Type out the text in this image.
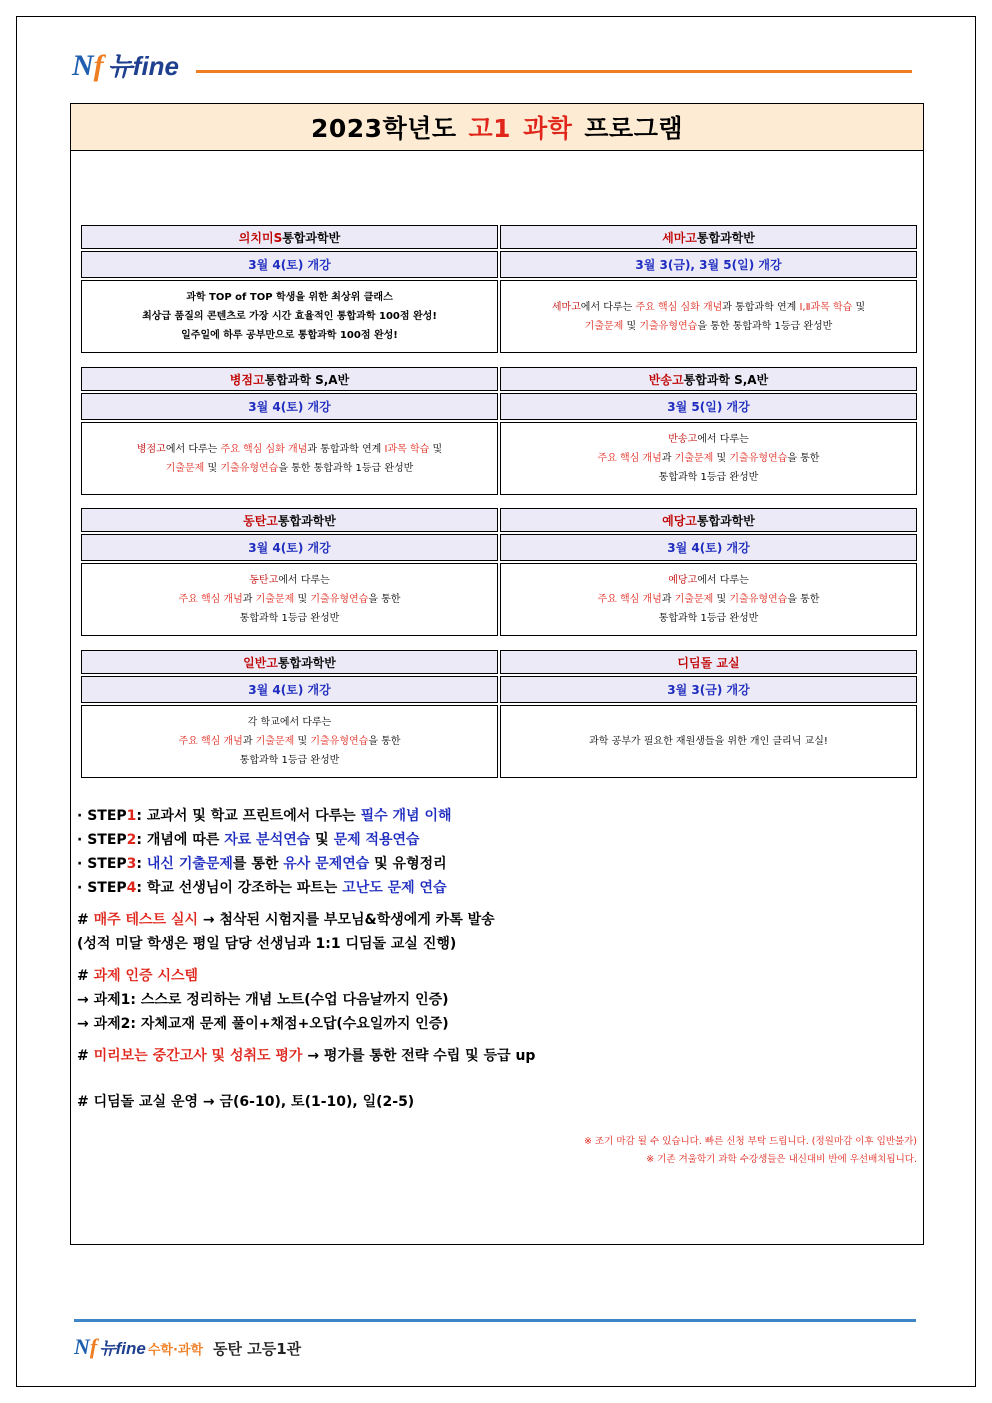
Nf 뉴fine
2023학년도 고1 과학 프로그램
의치미S 통합과학반
3월 4(토) 개강
과학 TOP of TOP 학생을 위한 최상위 클래스
최상급 품질의 콘텐츠로 가장 시간 효율적인 통합과학 100점 완성!
일주일에 하루 공부만으로 통합과학 100점 완성!
세마고 통합과학반
3월 3(금), 3월 5(일) 개강
세마고에서 다루는 주요 핵심 심화 개념과 통합과학 연계 Ⅰ,Ⅱ과목 학습 및
기출문제 및 기출유형연습을 통한 통합과학 1등급 완성반
병점고 통합과학 S,A반
3월 4(토) 개강
병점고에서 다루는 주요 핵심 심화 개념과 통합과학 연계 Ⅰ과목 학습 및
기출문제 및 기출유형연습을 통한 통합과학 1등급 완성반
반송고 통합과학 S,A반
3월 5(일) 개강
반송고에서 다루는
주요 핵심 개념과 기출문제 및 기출유형연습을 통한
통합과학 1등급 완성반
동탄고 통합과학반
3월 4(토) 개강
동탄고에서 다루는
주요 핵심 개념과 기출문제 및 기출유형연습을 통한
통합과학 1등급 완성반
예당고 통합과학반
3월 4(토) 개강
예당고에서 다루는
주요 핵심 개념과 기출문제 및 기출유형연습을 통한
통합과학 1등급 완성반
일반고 통합과학반
3월 4(토) 개강
각 학교에서 다루는
주요 핵심 개념과 기출문제 및 기출유형연습을 통한
통합과학 1등급 완성반
디딤돌 교실
3월 3(금) 개강
과학 공부가 필요한 재원생들을 위한 개인 클리닉 교실!
· STEP1: 교과서 및 학교 프린트에서 다루는 필수 개념 이해
· STEP2: 개념에 따른 자료 분석연습 및 문제 적용연습
· STEP3: 내신 기출문제를 통한 유사 문제연습 및 유형정리
· STEP4: 학교 선생님이 강조하는 파트는 고난도 문제 연습
# 매주 테스트 실시 → 첨삭된 시험지를 부모님&학생에게 카톡 발송
(성적 미달 학생은 평일 담당 선생님과 1:1 디딤돌 교실 진행)
# 과제 인증 시스템
→ 과제1: 스스로 정리하는 개념 노트(수업 다음날까지 인증)
→ 과제2: 자체교재 문제 풀이+채점+오답(수요일까지 인증)
# 미리보는 중간고사 및 성취도 평가 → 평가를 통한 전략 수립 및 등급 up
# 디딤돌 교실 운영 → 금(6-10), 토(1-10), 일(2-5)
※ 조기 마감 될 수 있습니다. 빠른 신청 부탁 드립니다. (정원마감 이후 입반불가)
※ 기존 겨울학기 과학 수강생들은 내신대비 반에 우선배치됩니다.
Nf 뉴fine 수학·과학 동탄 고등1관
